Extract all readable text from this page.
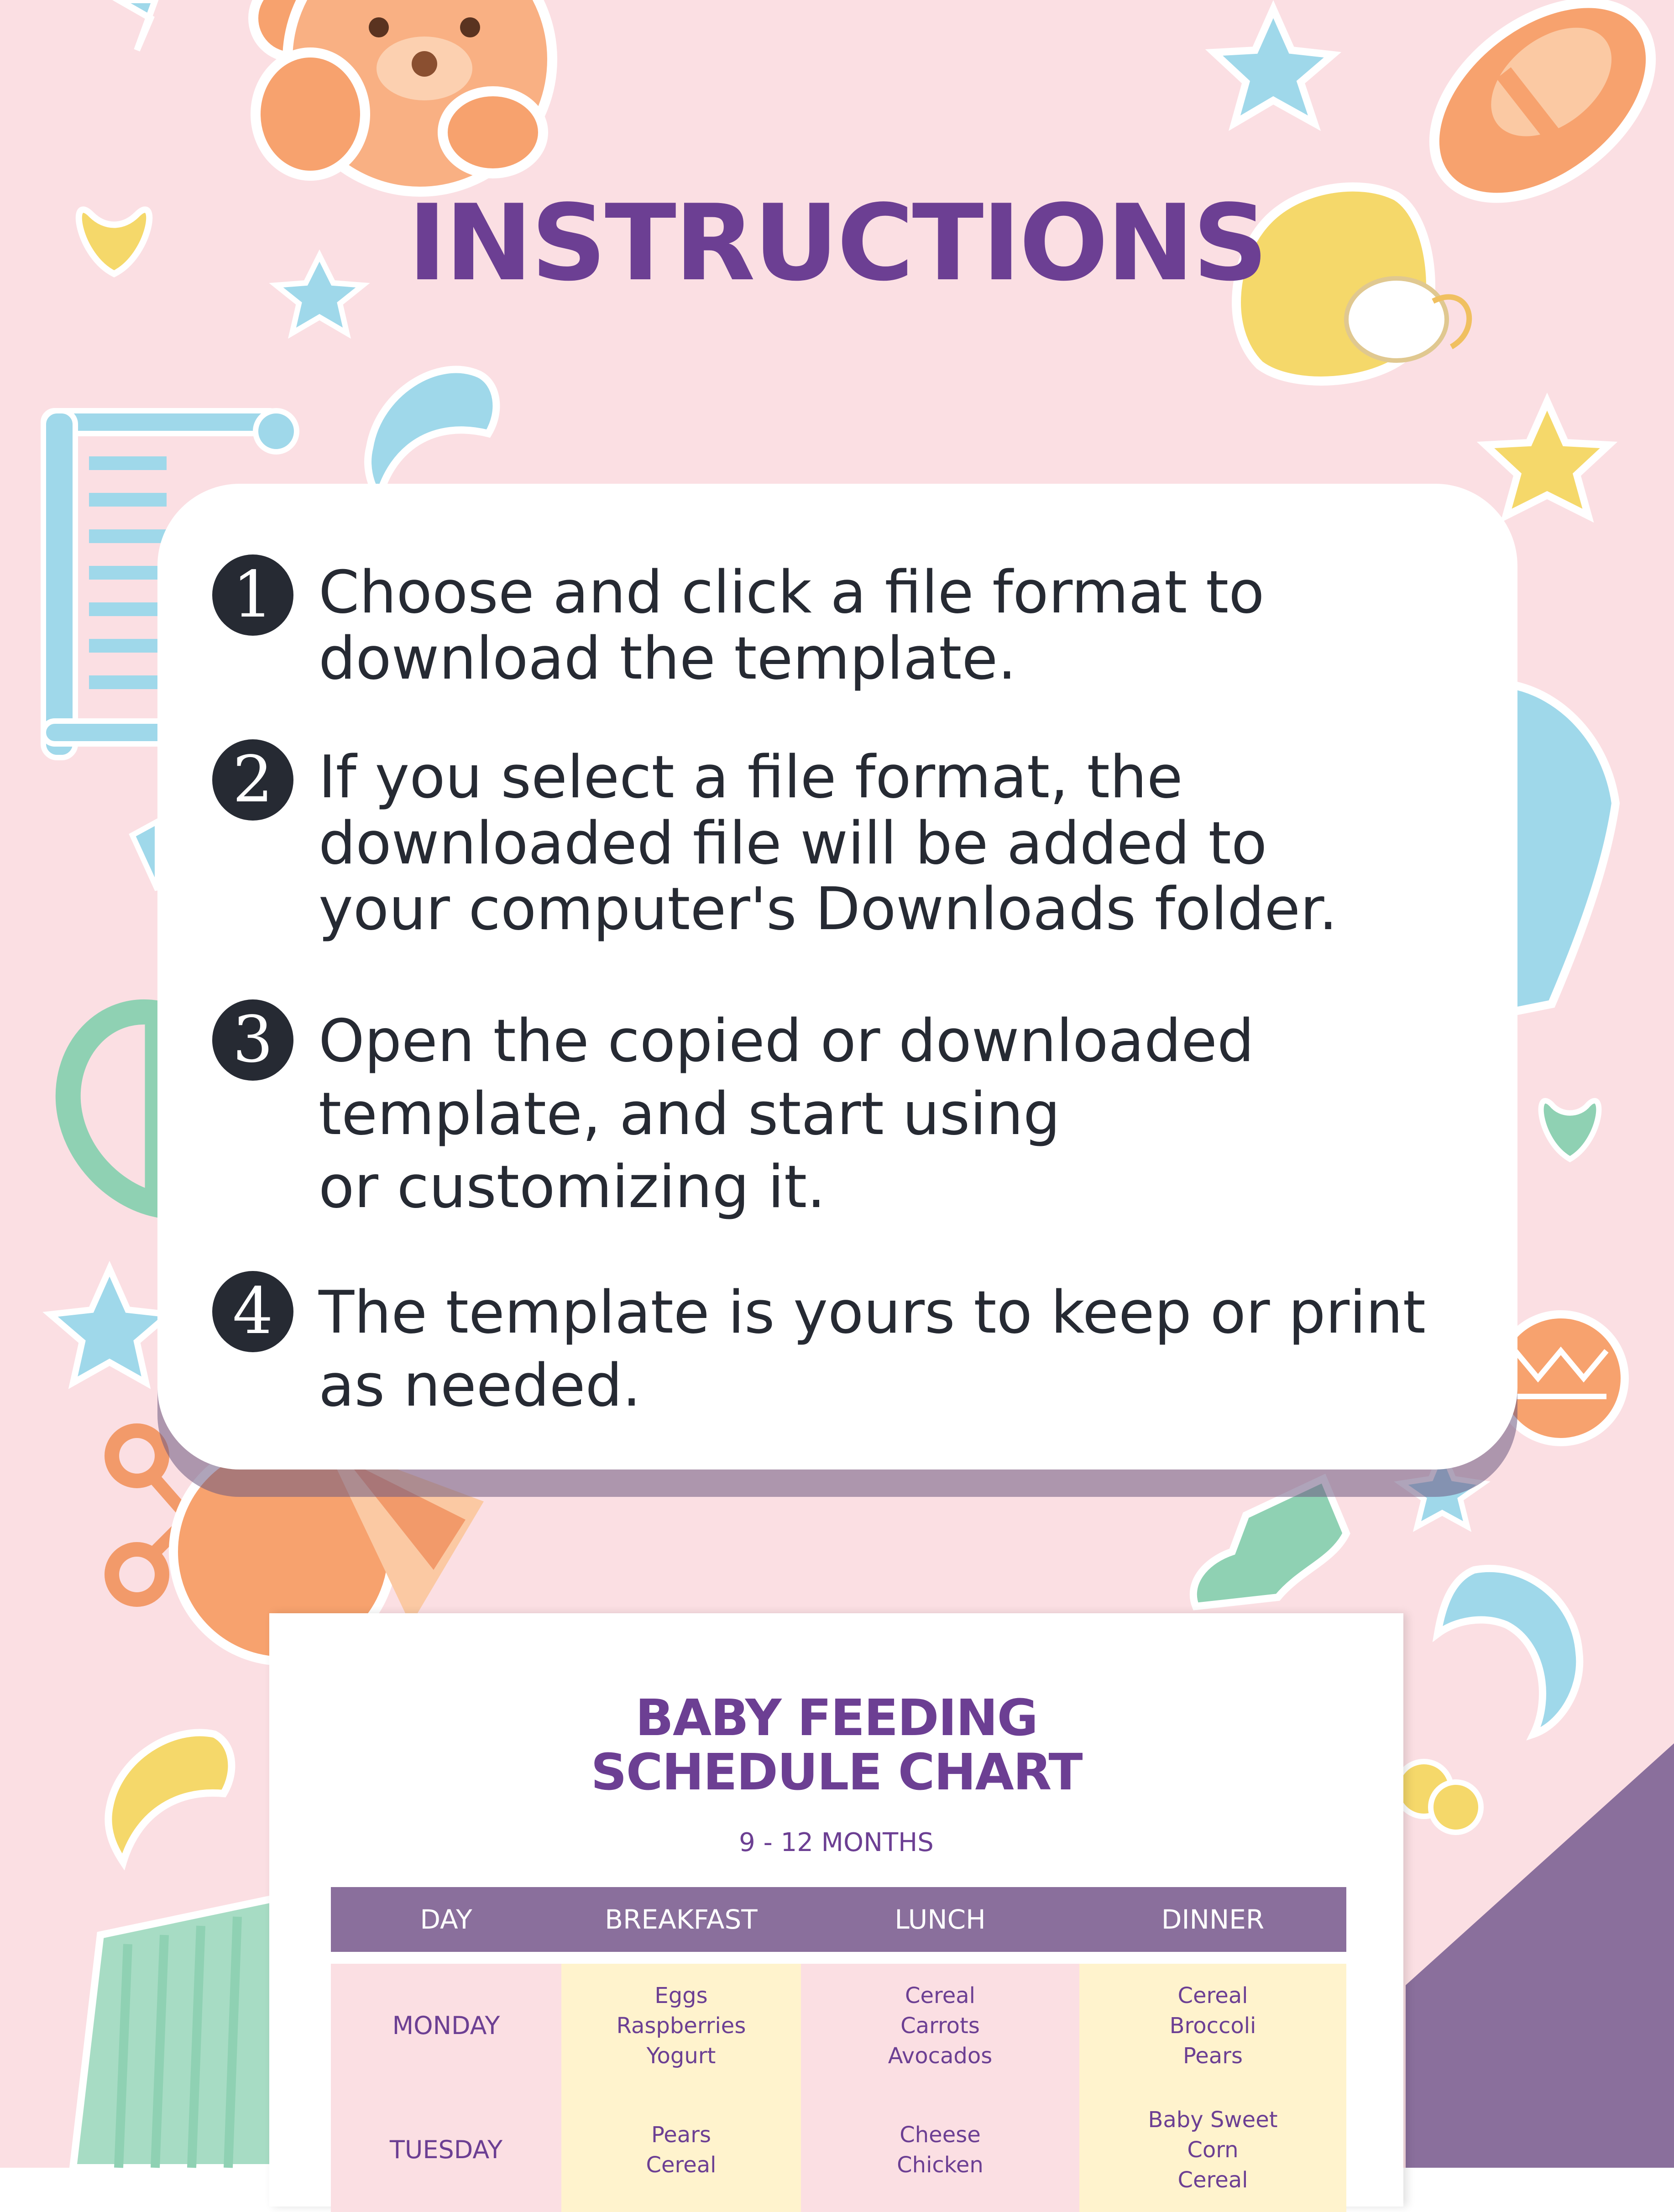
INSTRUCTIONS
1 Choose and click a file format to
download the template.
2 If you select a file format, the
downloaded file will be added to
your computer's Downloads folder.
3 Open the copied or downloaded
template, and start using
or customizing it.
4 The template is yours to keep or print
as needed.
BABY FEEDING
SCHEDULE CHART
9 - 12 MONTHS
DAY	BREAKFAST	LUNCH	DINNER
MONDAY	Eggs
Raspberries
Yogurt	Cereal
Carrots
Avocados	Cereal
Broccoli
Pears
TUESDAY	Pears
Cereal	Cheese
Chicken	Baby Sweet
Corn
Cereal
